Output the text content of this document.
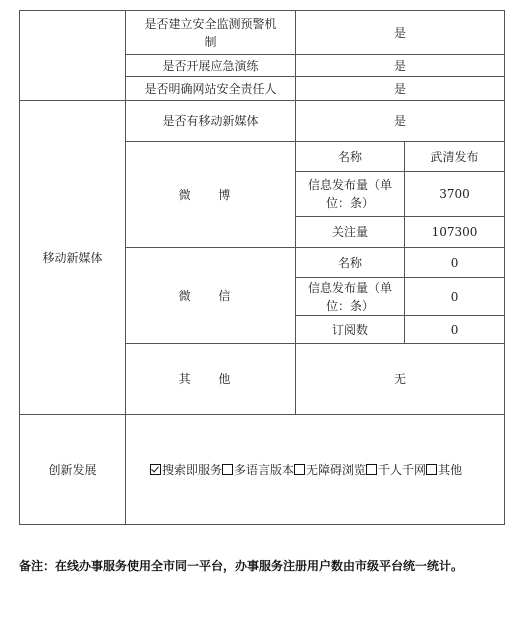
	是否建立安全监测预警机制	是	
	是否开展应急演练	是	
	是否明确网站安全责任人	是	
移动新媒体	是否有移动新媒体	是	
	微 博	名称	武清发布
		信息发布量（单位：条）	3700
		关注量	107300
	微 信	名称	0
		信息发布量（单位：条）	0
		订阅数	0
	其 他	无	
创新发展	搜索即服务 多语言版本 无障碍浏览 千人千网 其他		
备注：在线办事服务使用全市同一平台，办事服务注册用户数由市级平台统一统计。
